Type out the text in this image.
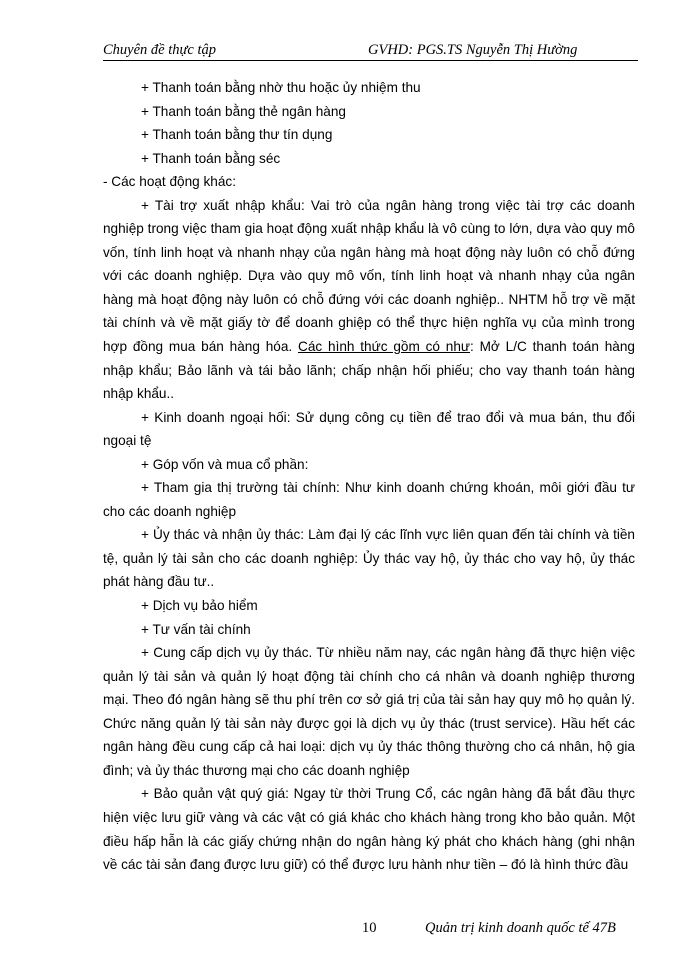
Chuyên đề thực tập	GVHD: PGS.TS Nguyễn Thị Hường

+ Thanh toán bằng nhờ thu hoặc ủy nhiệm thu

+ Thanh toán bằng thẻ ngân hàng

+ Thanh toán bằng thư tín dụng

+ Thanh toán bằng séc

- Các hoạt động khác:

+ Tài trợ xuất nhập khẩu: Vai trò của ngân hàng trong việc tài trợ các doanh nghiệp trong việc tham gia hoạt động xuất nhập khẩu là vô cùng to lớn, dựa vào quy mô vốn, tính linh hoạt và nhanh nhạy của ngân hàng mà hoạt động này luôn có chỗ đứng với các doanh nghiệp. Dựa vào quy mô vốn, tính linh hoạt và nhanh nhạy của ngân hàng mà hoạt động này luôn có chỗ đứng với các doanh nghiệp.. NHTM hỗ trợ về mặt tài chính và về mặt giấy tờ để doanh ghiệp có thể thực hiện nghĩa vụ của mình trong hợp đồng mua bán hàng hóa. Các hình thức gồm có như: Mở L/C thanh toán hàng nhập khẩu; Bảo lãnh và tái bảo lãnh; chấp nhận hối phiếu; cho vay thanh toán hàng nhập khẩu..

+ Kinh doanh ngoại hối: Sử dụng công cụ tiền để trao đổi và mua bán, thu đổi ngoại tệ

+ Góp vốn và mua cổ phần:

+ Tham gia thị trường tài chính: Như kinh doanh chứng khoán, môi giới đầu tư cho các doanh nghiệp

+ Ủy thác và nhận ủy thác: Làm đại lý các lĩnh vực liên quan đến tài chính và tiền tệ, quản lý tài sản cho các doanh nghiệp: Ủy thác vay hộ, ủy thác cho vay hộ, ủy thác phát hàng đầu tư..

+ Dịch vụ bảo hiểm

+ Tư vấn tài chính

+ Cung cấp dịch vụ ủy thác. Từ nhiều năm nay, các ngân hàng đã thực hiện việc quản lý tài sản và quản lý hoạt động tài chính cho cá nhân và doanh nghiệp thương mại. Theo đó ngân hàng sẽ thu phí trên cơ sở giá trị của tài sản hay quy mô họ quản lý. Chức năng quản lý tài sản này được gọi là dịch vụ ủy thác (trust service). Hầu hết các ngân hàng đều cung cấp cả hai loại: dịch vụ ủy thác thông thường cho cá nhân, hộ gia đình; và ủy thác thương mại cho các doanh nghiệp

+ Bảo quản vật quý giá: Ngay từ thời Trung Cổ, các ngân hàng đã bắt đầu thực hiện việc lưu giữ vàng và các vật có giá khác cho khách hàng trong kho bảo quản. Một điều hấp hẫn là các giấy chứng nhận do ngân hàng ký phát cho khách hàng (ghi nhận về các tài sản đang được lưu giữ) có thể được lưu hành như tiền – đó là hình thức đầu

10	Quản trị kinh doanh quốc tế 47B
